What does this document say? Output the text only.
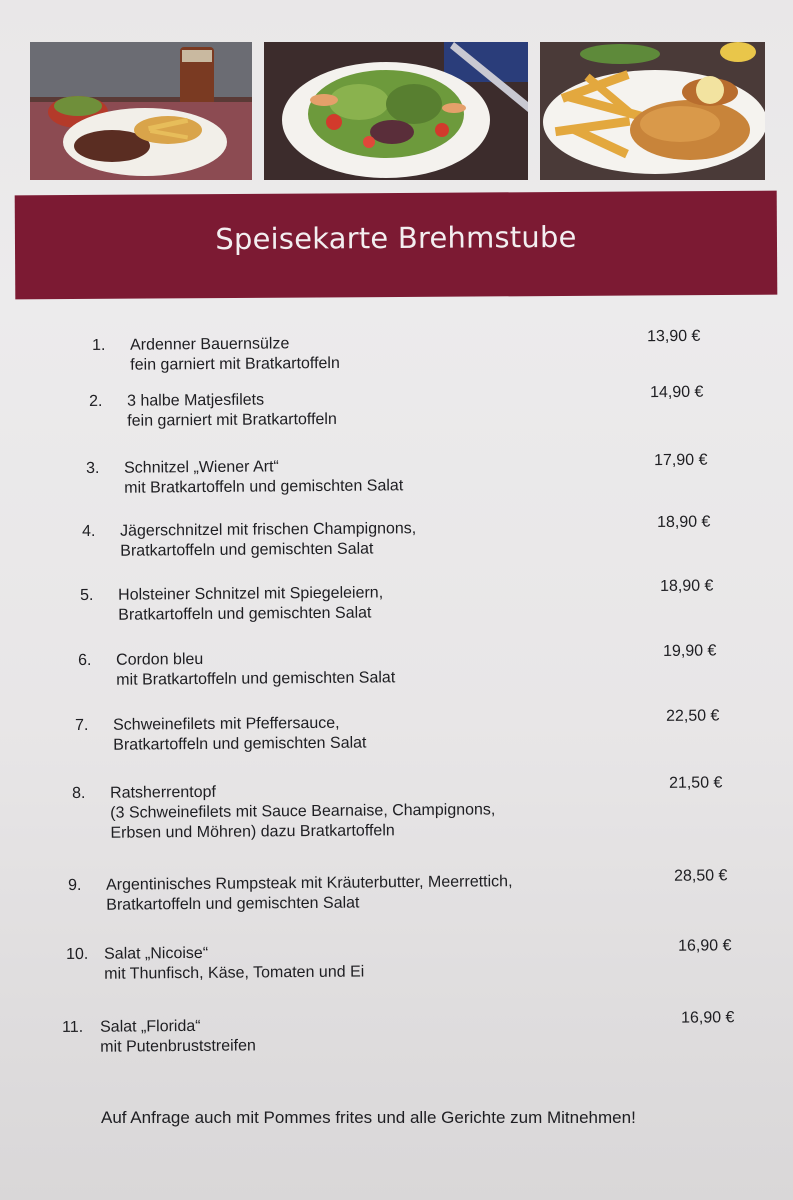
Speisekarte Brehmstube
1. Ardenner Bauernsülze
fein garniert mit Bratkartoffeln
13,90 €
2. 3 halbe Matjesfilets
fein garniert mit Bratkartoffeln
14,90 €
3. Schnitzel „Wiener Art“
mit Bratkartoffeln und gemischten Salat
17,90 €
4. Jägerschnitzel mit frischen Champignons,
Bratkartoffeln und gemischten Salat
18,90 €
5. Holsteiner Schnitzel mit Spiegeleiern,
Bratkartoffeln und gemischten Salat
18,90 €
6. Cordon bleu
mit Bratkartoffeln und gemischten Salat
19,90 €
7. Schweinefilets mit Pfeffersauce,
Bratkartoffeln und gemischten Salat
22,50 €
8. Ratsherrentopf
(3 Schweinefilets mit Sauce Bearnaise, Champignons,
Erbsen und Möhren) dazu Bratkartoffeln
21,50 €
9. Argentinisches Rumpsteak mit Kräuterbutter, Meerrettich,
Bratkartoffeln und gemischten Salat
28,50 €
10. Salat „Nicoise“
mit Thunfisch, Käse, Tomaten und Ei
16,90 €
11. Salat „Florida“
mit Putenbruststreifen
16,90 €
Auf Anfrage auch mit Pommes frites und alle Gerichte zum Mitnehmen!
